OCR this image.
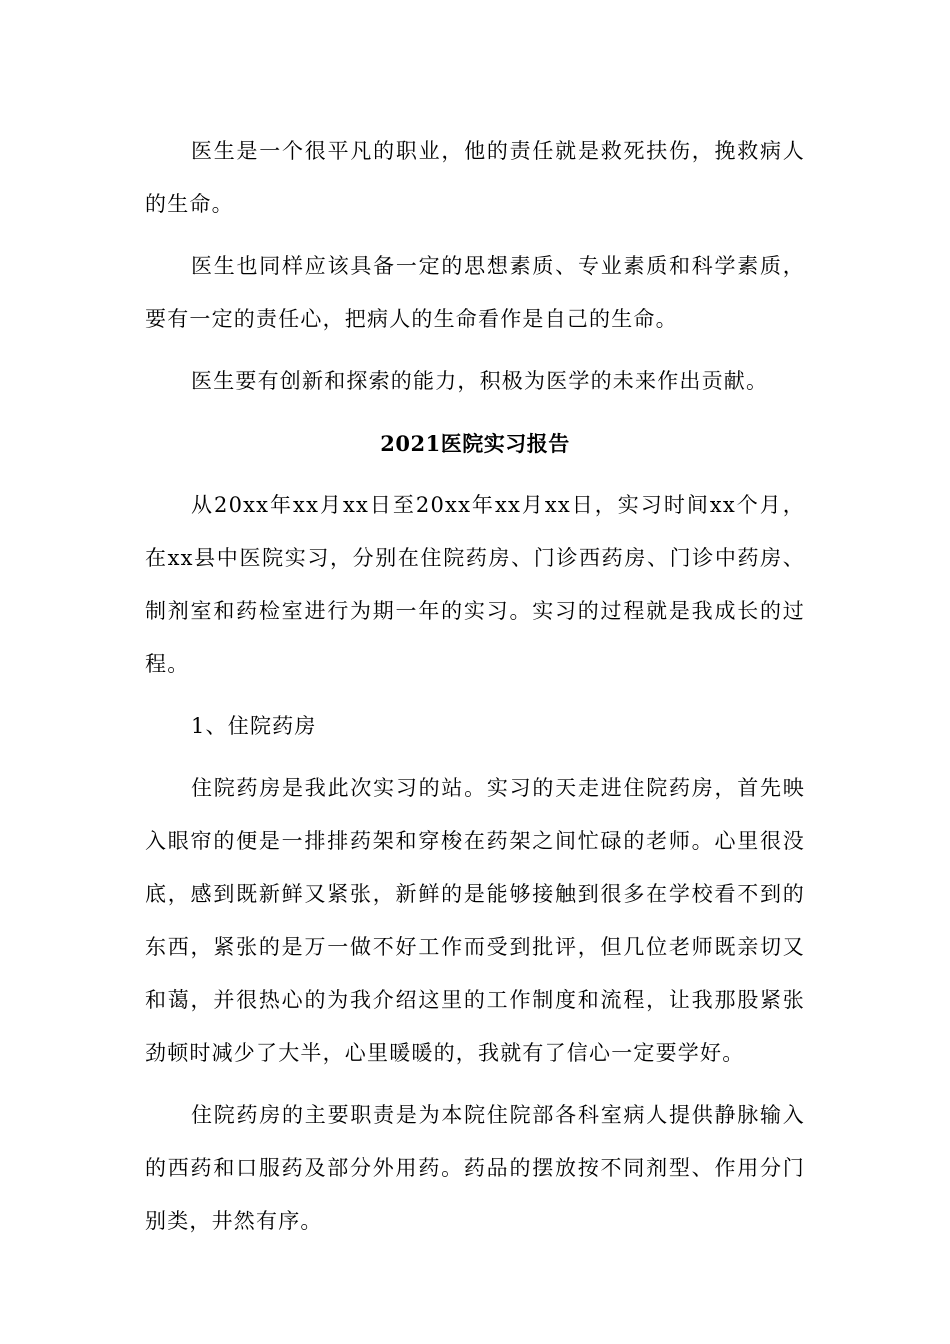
医生是一个很平凡的职业，他的责任就是救死扶伤，挽救病人的生命。

医生也同样应该具备一定的思想素质、专业素质和科学素质，要有一定的责任心，把病人的生命看作是自己的生命。

医生要有创新和探索的能力，积极为医学的未来作出贡献。

2021医院实习报告

从20xx年xx月xx日至20xx年xx月xx日，实习时间xx个月，在xx县中医院实习，分别在住院药房、门诊西药房、门诊中药房、制剂室和药检室进行为期一年的实习。实习的过程就是我成长的过程。

1、住院药房

住院药房是我此次实习的站。实习的天走进住院药房，首先映入眼帘的便是一排排药架和穿梭在药架之间忙碌的老师。心里很没底，感到既新鲜又紧张，新鲜的是能够接触到很多在学校看不到的东西，紧张的是万一做不好工作而受到批评，但几位老师既亲切又和蔼，并很热心的为我介绍这里的工作制度和流程，让我那股紧张劲顿时减少了大半，心里暖暖的，我就有了信心一定要学好。

住院药房的主要职责是为本院住院部各科室病人提供静脉输入的西药和口服药及部分外用药。药品的摆放按不同剂型、作用分门别类，井然有序。
